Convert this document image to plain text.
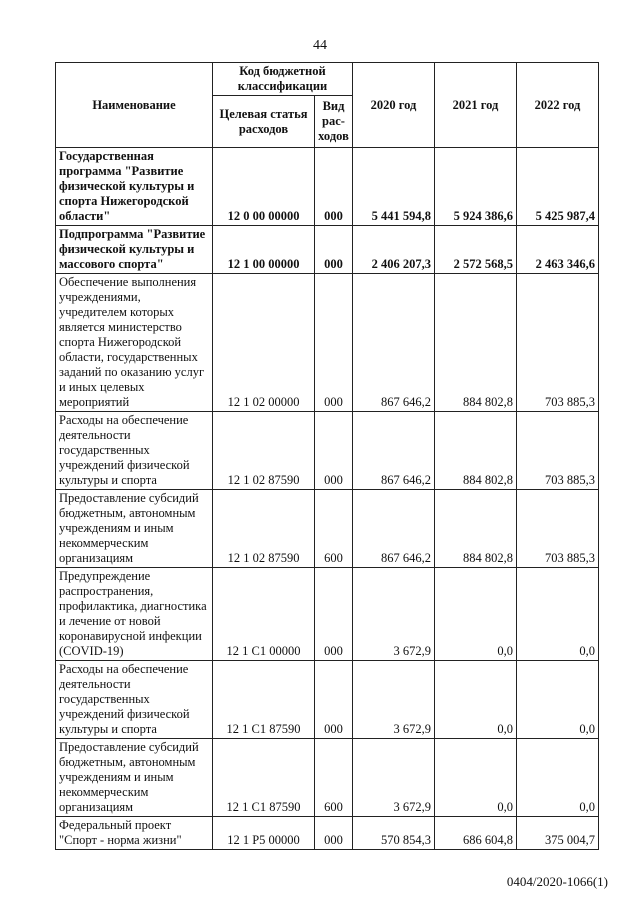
44
Наименование	Код бюджетной классификации		2020 год	2021 год	2022 год
	Целевая статья расходов	Вид рас-ходов			
Государственная программа "Развитие физической культуры и спорта Нижегородской области"	12 0 00 00000	000	5 441 594,8	5 924 386,6	5 425 987,4
Подпрограмма "Развитие физической культуры и массового спорта"	12 1 00 00000	000	2 406 207,3	2 572 568,5	2 463 346,6
Обеспечение выполнения учреждениями, учредителем которых является министерство спорта Нижегородской области, государственных заданий по оказанию услуг и иных целевых мероприятий	12 1 02 00000	000	867 646,2	884 802,8	703 885,3
Расходы на обеспечение деятельности государственных учреждений физической культуры и спорта	12 1 02 87590	000	867 646,2	884 802,8	703 885,3
Предоставление субсидий бюджетным, автономным учреждениям и иным некоммерческим организациям	12 1 02 87590	600	867 646,2	884 802,8	703 885,3
Предупреждение распространения, профилактика, диагностика и лечение от новой коронавирусной инфекции (COVID-19)	12 1 C1 00000	000	3 672,9	0,0	0,0
Расходы на обеспечение деятельности государственных учреждений физической культуры и спорта	12 1 C1 87590	000	3 672,9	0,0	0,0
Предоставление субсидий бюджетным, автономным учреждениям и иным некоммерческим организациям	12 1 C1 87590	600	3 672,9	0,0	0,0
Федеральный проект "Спорт - норма жизни"	12 1 P5 00000	000	570 854,3	686 604,8	375 004,7
0404/2020-1066(1)
